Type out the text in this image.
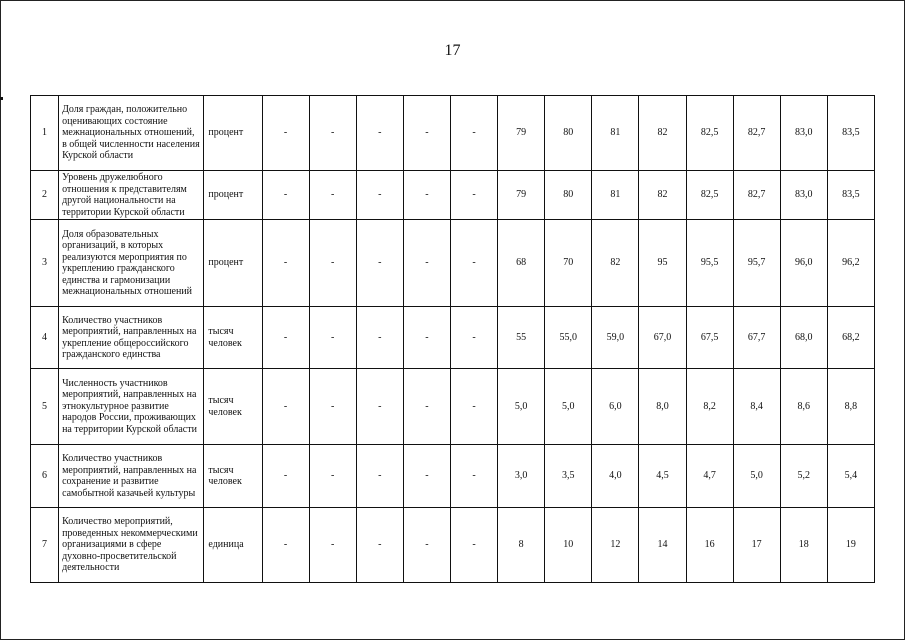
17
1	Доля граждан, положительно оценивающих состояние межнациональных отношений, в общей численности населения Курской области	процент	-	-	-	-	-	79	80	81	82	82,5	82,7	83,0	83,5
2	Уровень дружелюбного отношения к представителям другой национальности на территории Курской области	процент	-	-	-	-	-	79	80	81	82	82,5	82,7	83,0	83,5
3	Доля образовательных организаций, в которых реализуются мероприятия по укреплению гражданского единства и гармонизации межнациональных отношений	процент	-	-	-	-	-	68	70	82	95	95,5	95,7	96,0	96,2
4	Количество участников мероприятий, направленных на укрепление общероссийского гражданского единства	тысяч человек	-	-	-	-	-	55	55,0	59,0	67,0	67,5	67,7	68,0	68,2
5	Численность участников мероприятий, направленных на этнокультурное развитие народов России, проживающих на территории Курской области	тысяч человек	-	-	-	-	-	5,0	5,0	6,0	8,0	8,2	8,4	8,6	8,8
6	Количество участников мероприятий, направленных на сохранение и развитие самобытной казачьей культуры	тысяч человек	-	-	-	-	-	3,0	3,5	4,0	4,5	4,7	5,0	5,2	5,4
7	Количество мероприятий, проведенных некоммерческими организациями в сфере духовно-просветительской деятельности	единица	-	-	-	-	-	8	10	12	14	16	17	18	19
